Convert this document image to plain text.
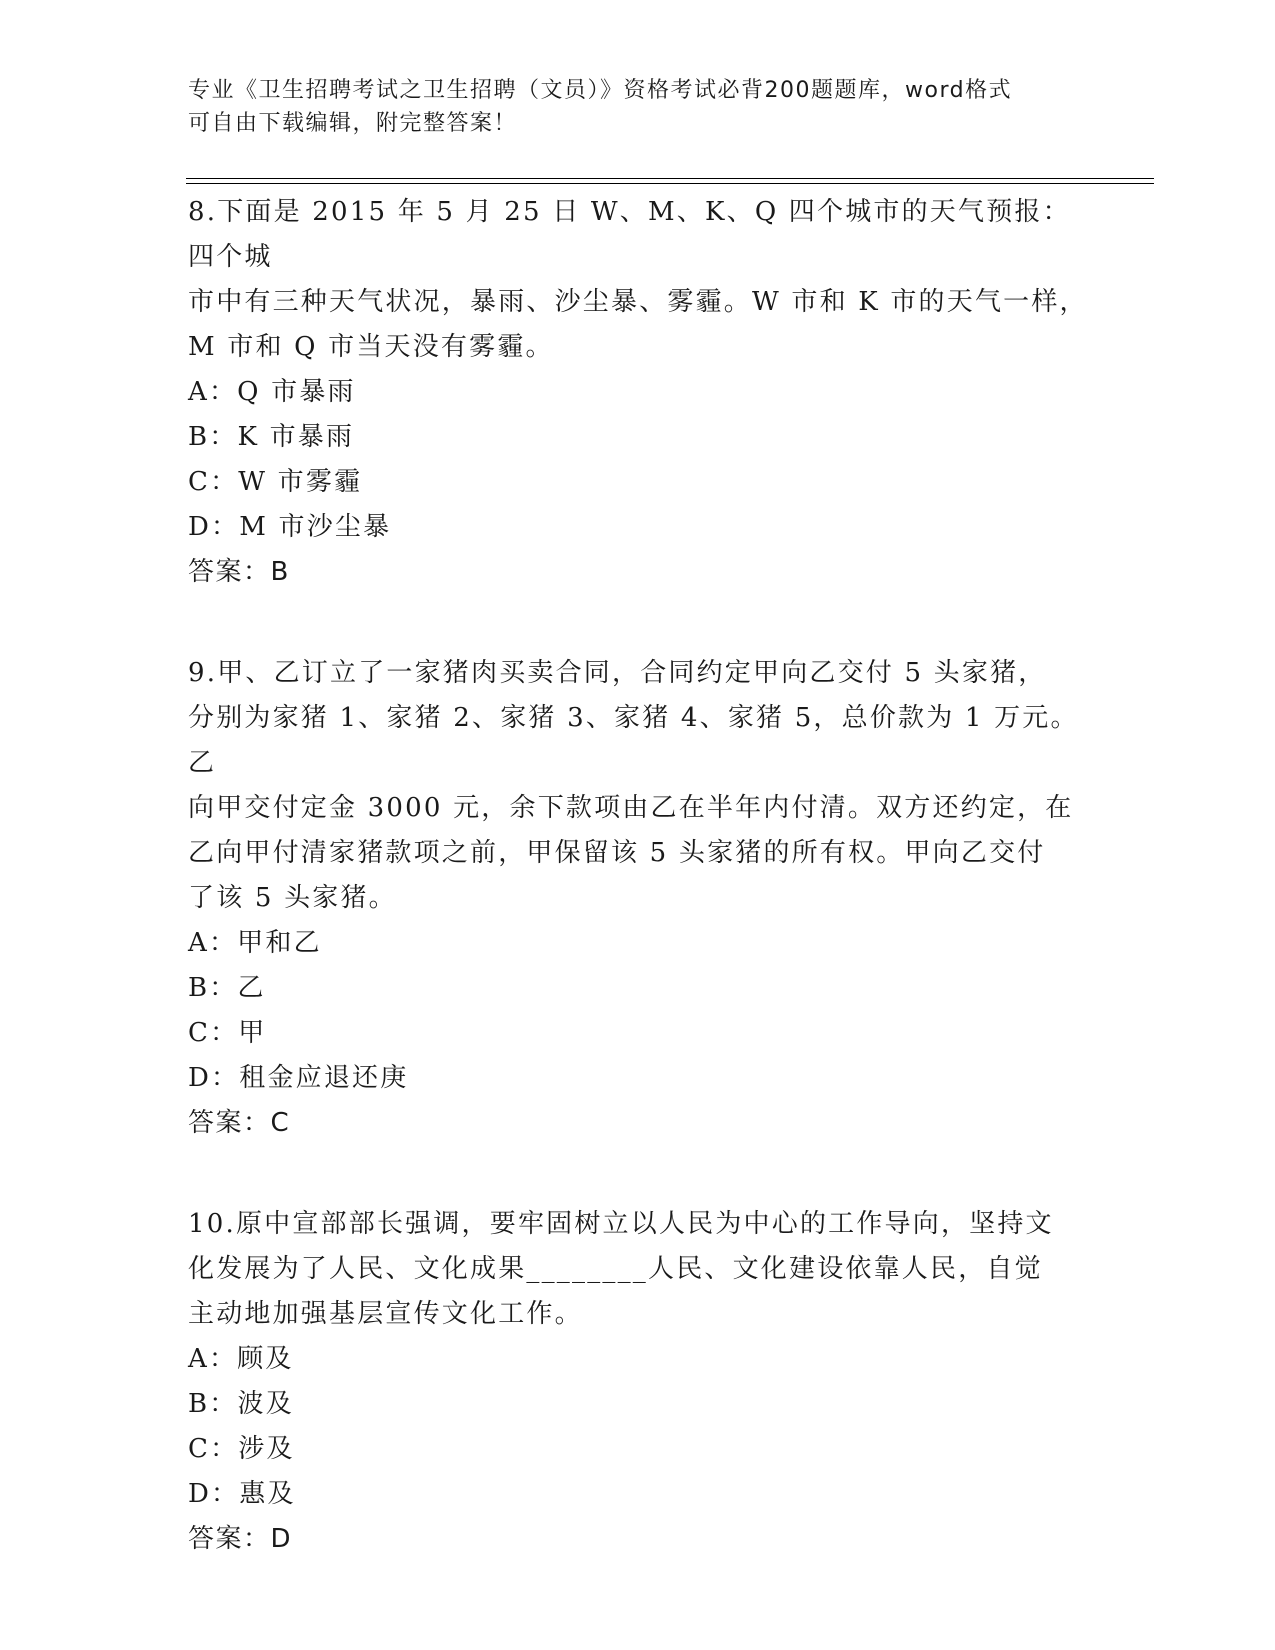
专业《卫生招聘考试之卫生招聘（文员）》资格考试必背200题题库，word格式
可自由下载编辑，附完整答案！

8.下面是 2015 年 5 月 25 日 W、M、K、Q 四个城市的天气预报：四个城

市中有三种天气状况，暴雨、沙尘暴、雾霾。W 市和 K 市的天气一样，

M 市和 Q 市当天没有雾霾。

A：Q 市暴雨

B：K 市暴雨

C：W 市雾霾

D：M 市沙尘暴

答案：B

9.甲、乙订立了一家猪肉买卖合同，合同约定甲向乙交付 5 头家猪，

分别为家猪 1、家猪 2、家猪 3、家猪 4、家猪 5，总价款为 1 万元。乙

向甲交付定金 3000 元，余下款项由乙在半年内付清。双方还约定，在

乙向甲付清家猪款项之前，甲保留该 5 头家猪的所有权。甲向乙交付

了该 5 头家猪。

A：甲和乙

B：乙

C：甲

D：租金应退还庚

答案：C

10.原中宣部部长强调，要牢固树立以人民为中心的工作导向，坚持文

化发展为了人民、文化成果________人民、文化建设依靠人民，自觉

主动地加强基层宣传文化工作。

A：顾及

B：波及

C：涉及

D：惠及

答案：D
